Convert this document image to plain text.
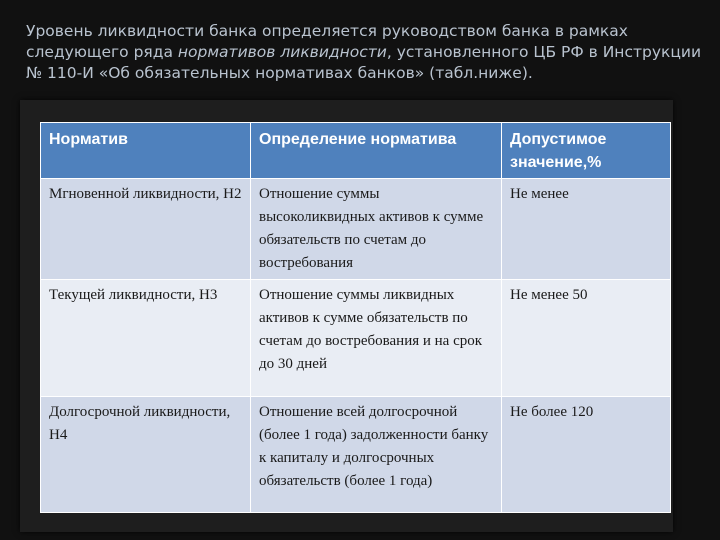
Уровень ликвидности банка определяется руководством банка в рамках следующего ряда нормативов ликвидности, установленного ЦБ РФ в Инструкции № 110-И «Об обязательных нормативах банков» (табл.ниже).
Норматив	Определение норматива	Допустимое значение,%
Мгновенной ликвидности, Н2	Отношение суммы высоколиквидных активов к сумме обязательств по счетам до востребования	Не менее
Текущей ликвидности, Н3	Отношение суммы ликвидных активов к сумме обязательств по счетам до востребования и на срок до 30 дней	Не менее 50
Долгосрочной ликвидности, Н4	Отношение всей долгосрочной (более 1 года) задолженности банку к капиталу и долгосрочных обязательств (более 1 года)	Не более 120
